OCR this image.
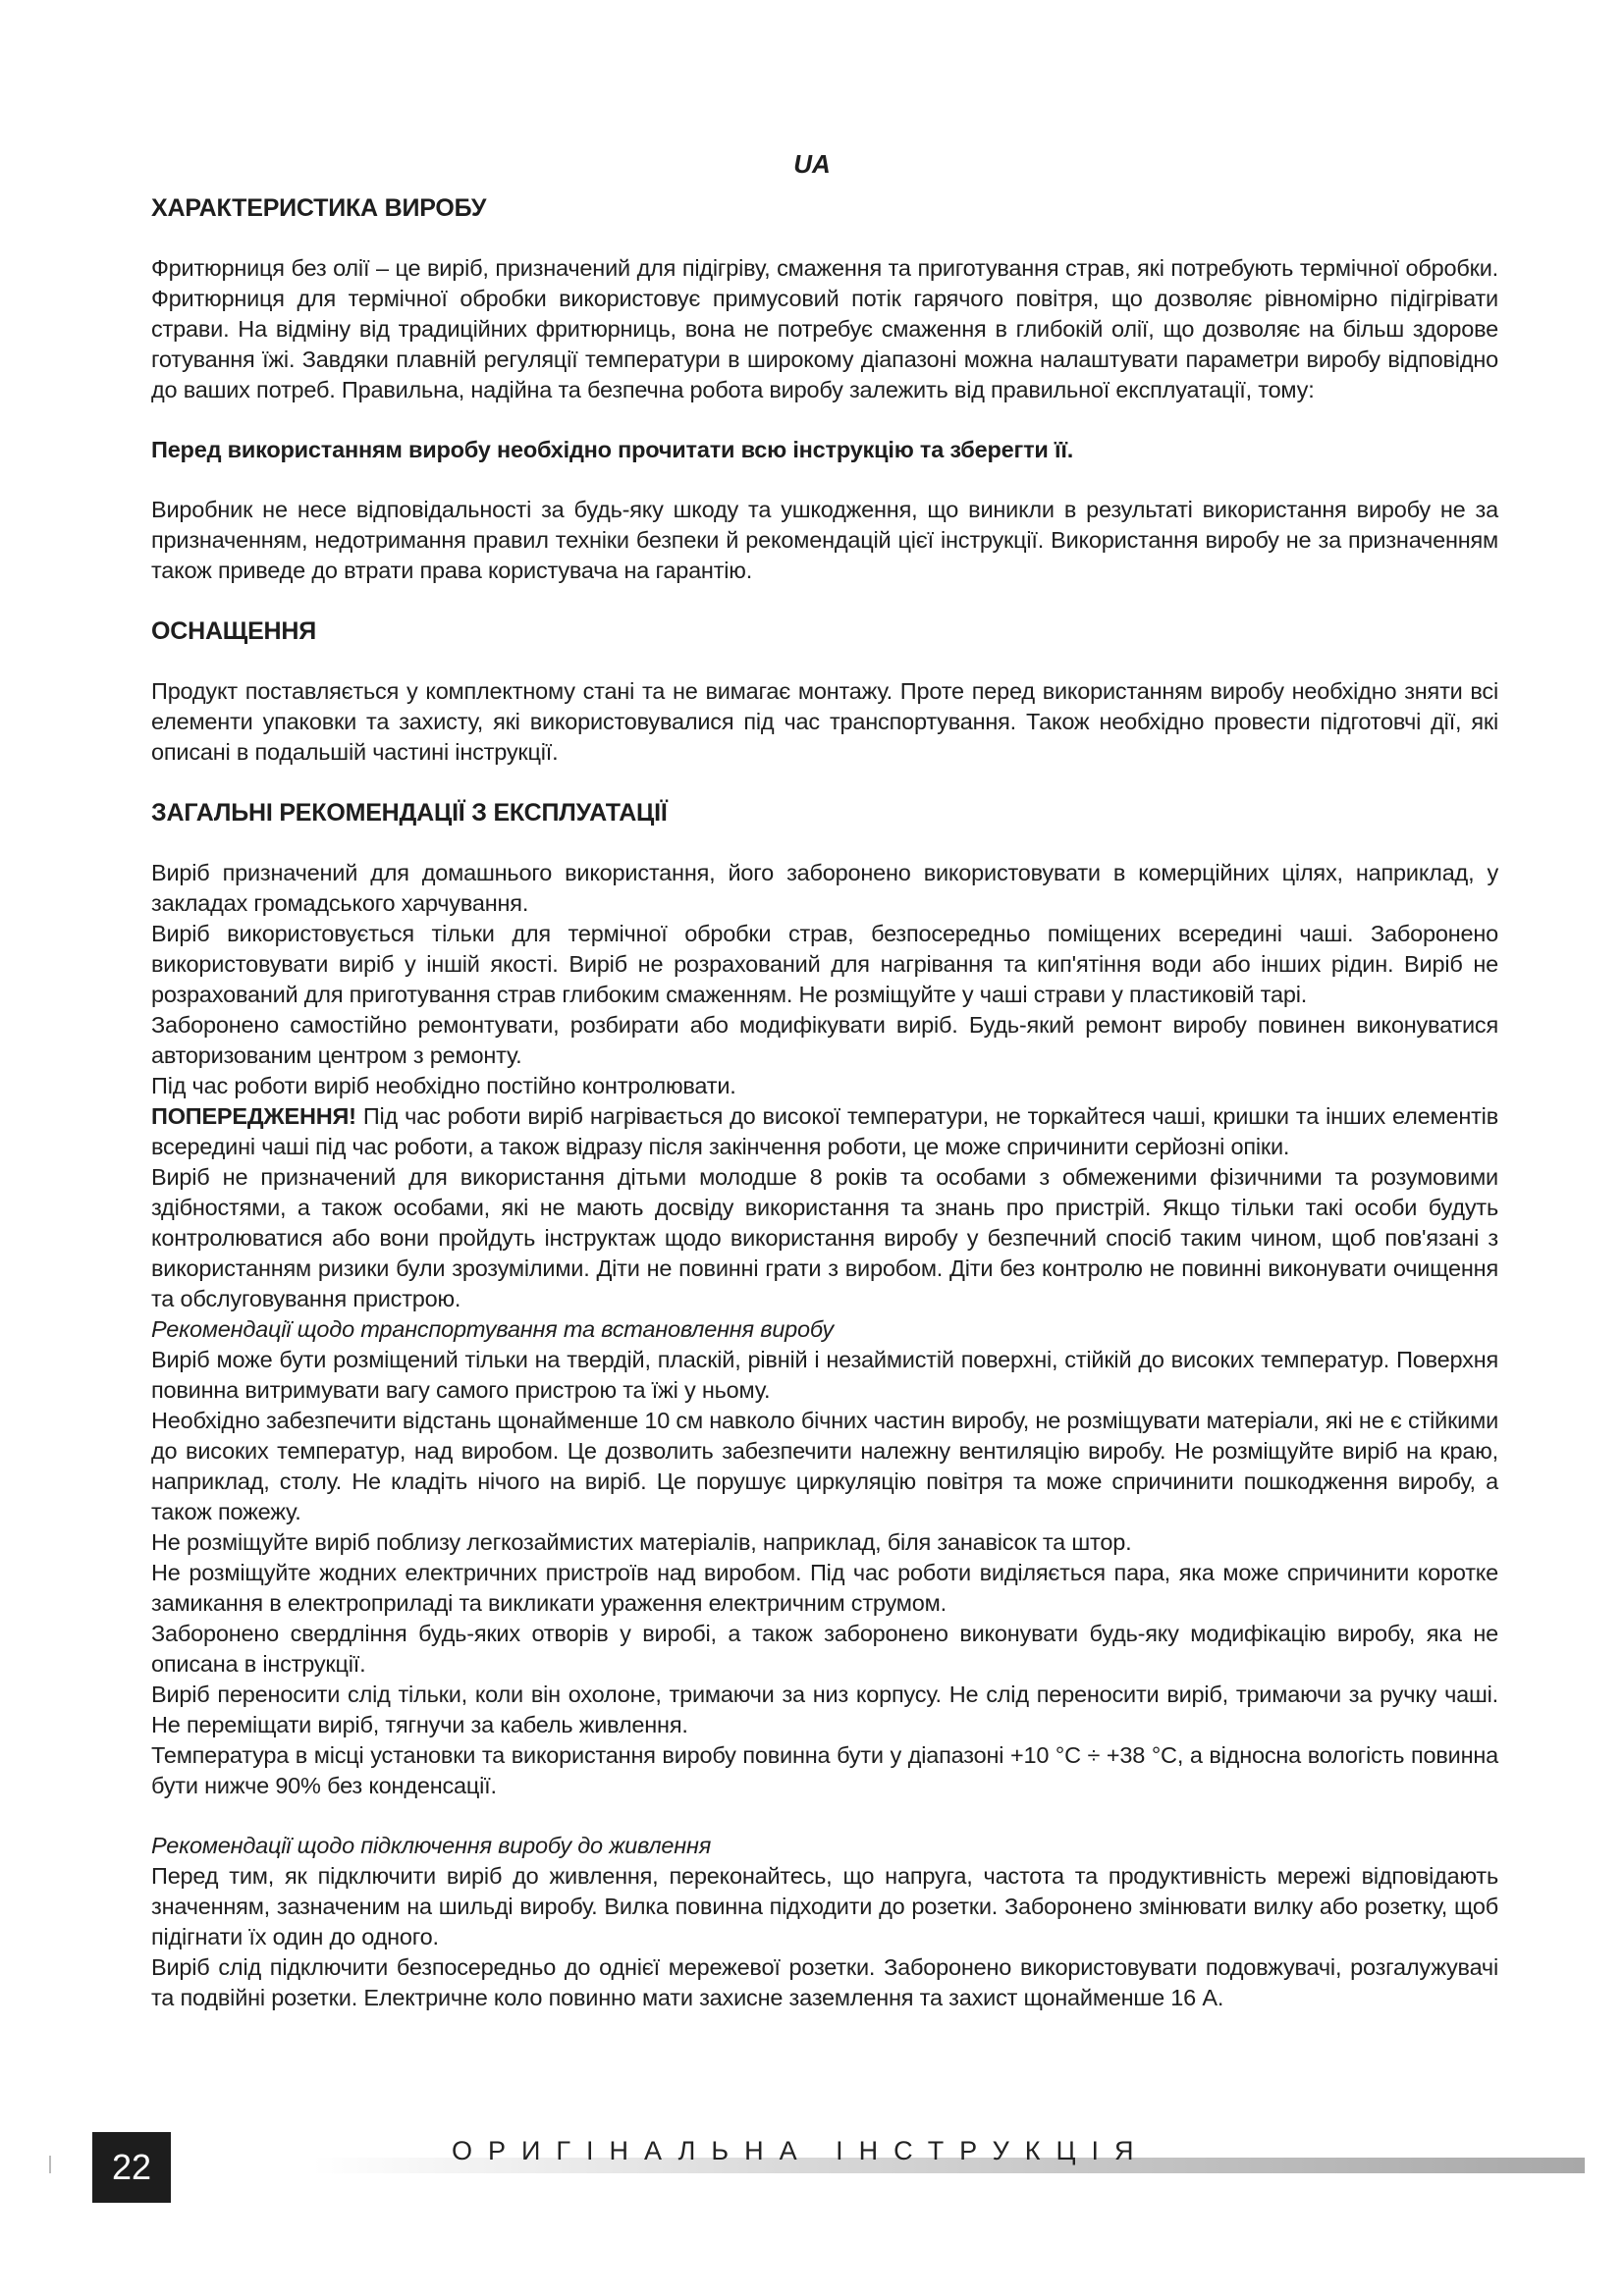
UA
ХАРАКТЕРИСТИКА ВИРОБУ

Фритюрниця без олії – це виріб, призначений для підігріву, смаження та приготування страв, які потребують термічної обробки. Фритюрниця для термічної обробки використовує примусовий потік гарячого повітря, що дозволяє рівномірно підігрівати страви. На відміну від традиційних фритюрниць, вона не потребує смаження в глибокій олії, що дозволяє на більш здорове готування їжі. Завдяки плавній регуляції температури в широкому діапазоні можна налаштувати параметри виробу відповідно до ваших потреб. Правильна, надійна та безпечна робота виробу залежить від правильної експлуатації, тому:

Перед використанням виробу необхідно прочитати всю інструкцію та зберегти її.

Виробник не несе відповідальності за будь-яку шкоду та ушкодження, що виникли в результаті використання виробу не за призначенням, недотримання правил техніки безпеки й рекомендацій цієї інструкції. Використання виробу не за призначенням також приведе до втрати права користувача на гарантію.

ОСНАЩЕННЯ

Продукт поставляється у комплектному стані та не вимагає монтажу. Проте перед використанням виробу необхідно зняти всі елементи упаковки та захисту, які використовувалися під час транспортування. Також необхідно провести підготовчі дії, які описані в подальшій частині інструкції.

ЗАГАЛЬНІ РЕКОМЕНДАЦІЇ З ЕКСПЛУАТАЦІЇ

Виріб призначений для домашнього використання, його заборонено використовувати в комерційних цілях, наприклад, у закладах громадського харчування.

Виріб використовується тільки для термічної обробки страв, безпосередньо поміщених всередині чаші. Заборонено використовувати виріб у іншій якості. Виріб не розрахований для нагрівання та кип'ятіння води або інших рідин. Виріб не розрахований для приготування страв глибоким смаженням. Не розміщуйте у чаші страви у пластиковій тарі.

Заборонено самостійно ремонтувати, розбирати або модифікувати виріб. Будь-який ремонт виробу повинен виконуватися авторизованим центром з ремонту.

Під час роботи виріб необхідно постійно контролювати.

ПОПЕРЕДЖЕННЯ! Під час роботи виріб нагрівається до високої температури, не торкайтеся чаші, кришки та інших елементів всередині чаші під час роботи, а також відразу після закінчення роботи, це може спричинити серйозні опіки.

Виріб не призначений для використання дітьми молодше 8 років та особами з обмеженими фізичними та розумовими здібностями, а також особами, які не мають досвіду використання та знань про пристрій. Якщо тільки такі особи будуть контролюватися або вони пройдуть інструктаж щодо використання виробу у безпечний спосіб таким чином, щоб пов'язані з використанням ризики були зрозумілими. Діти не повинні грати з виробом. Діти без контролю не повинні виконувати очищення та обслуговування пристрою.

Рекомендації щодо транспортування та встановлення виробу

Виріб може бути розміщений тільки на твердій, пласкій, рівній і незаймистій поверхні, стійкій до високих температур. Поверхня повинна витримувати вагу самого пристрою та їжі у ньому.

Необхідно забезпечити відстань щонайменше 10 см навколо бічних частин виробу, не розміщувати матеріали, які не є стійкими до високих температур, над виробом. Це дозволить забезпечити належну вентиляцію виробу. Не розміщуйте виріб на краю, наприклад, столу. Не кладіть нічого на виріб. Це порушує циркуляцію повітря та може спричинити пошкодження виробу, а також пожежу.

Не розміщуйте виріб поблизу легкозаймистих матеріалів, наприклад, біля занавісок та штор.

Не розміщуйте жодних електричних пристроїв над виробом. Під час роботи виділяється пара, яка може спричинити коротке замикання в електроприладі та викликати ураження електричним струмом.

Заборонено свердління будь-яких отворів у виробі, а також заборонено виконувати будь-яку модифікацію виробу, яка не описана в інструкції.

Виріб переносити слід тільки, коли він охолоне, тримаючи за низ корпусу. Не слід переносити виріб, тримаючи за ручку чаші. Не переміщати виріб, тягнучи за кабель живлення.

Температура в місці установки та використання виробу повинна бути у діапазоні +10 °C ÷ +38 °C, а відносна вологість повинна бути нижче 90% без конденсації.

Рекомендації щодо підключення виробу до живлення

Перед тим, як підключити виріб до живлення, переконайтесь, що напруга, частота та продуктивність мережі відповідають значенням, зазначеним на шильді виробу. Вилка повинна підходити до розетки. Заборонено змінювати вилку або розетку, щоб підігнати їх один до одного.

Виріб слід підключити безпосередньо до однієї мережевої розетки. Заборонено використовувати подовжувачі, розгалужувачі та подвійні розетки. Електричне коло повинно мати захисне заземлення та захист щонайменше 16 А.

22	ОРИГІНАЛЬНА ІНСТРУКЦІЯ
